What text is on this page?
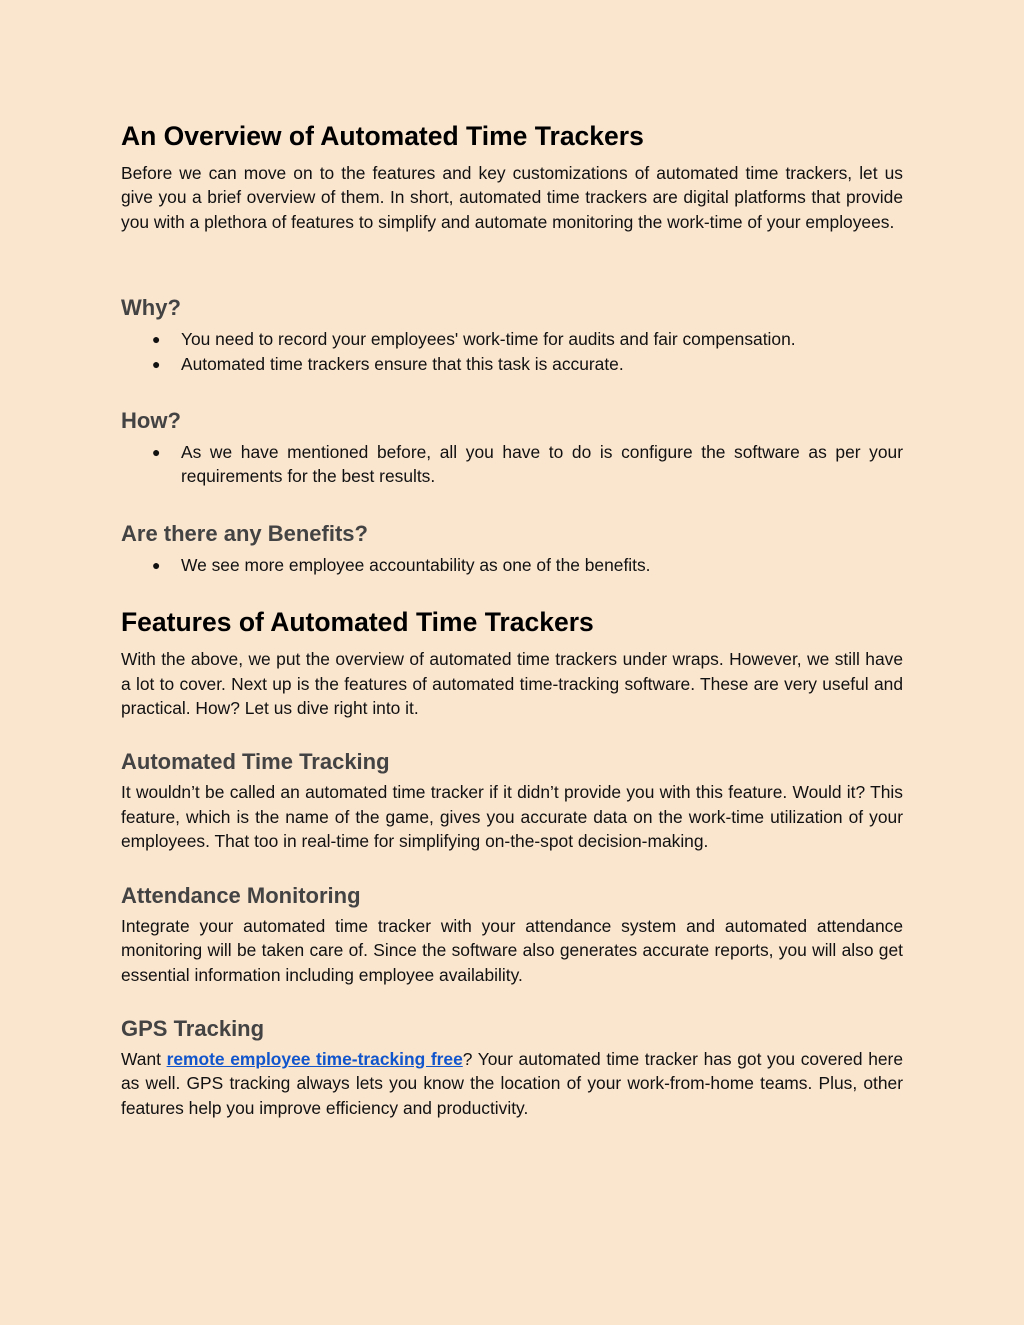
An Overview of Automated Time Trackers

Before we can move on to the features and key customizations of automated time trackers, let us give you a brief overview of them. In short, automated time trackers are digital platforms that provide you with a plethora of features to simplify and automate monitoring the work-time of your employees.

Why?
● You need to record your employees' work-time for audits and fair compensation.
● Automated time trackers ensure that this task is accurate.
How?
● As we have mentioned before, all you have to do is configure the software as per your requirements for the best results.
Are there any Benefits?
● We see more employee accountability as one of the benefits.
Features of Automated Time Trackers

With the above, we put the overview of automated time trackers under wraps. However, we still have a lot to cover. Next up is the features of automated time-tracking software. These are very useful and practical. How? Let us dive right into it.

Automated Time Tracking

It wouldn’t be called an automated time tracker if it didn’t provide you with this feature. Would it? This feature, which is the name of the game, gives you accurate data on the work-time utilization of your employees. That too in real-time for simplifying on-the-spot decision-making.

Attendance Monitoring

Integrate your automated time tracker with your attendance system and automated attendance monitoring will be taken care of. Since the software also generates accurate reports, you will also get essential information including employee availability.

GPS Tracking

Want remote employee time-tracking free? Your automated time tracker has got you covered here as well. GPS tracking always lets you know the location of your work-from-home teams. Plus, other features help you improve efficiency and productivity.
